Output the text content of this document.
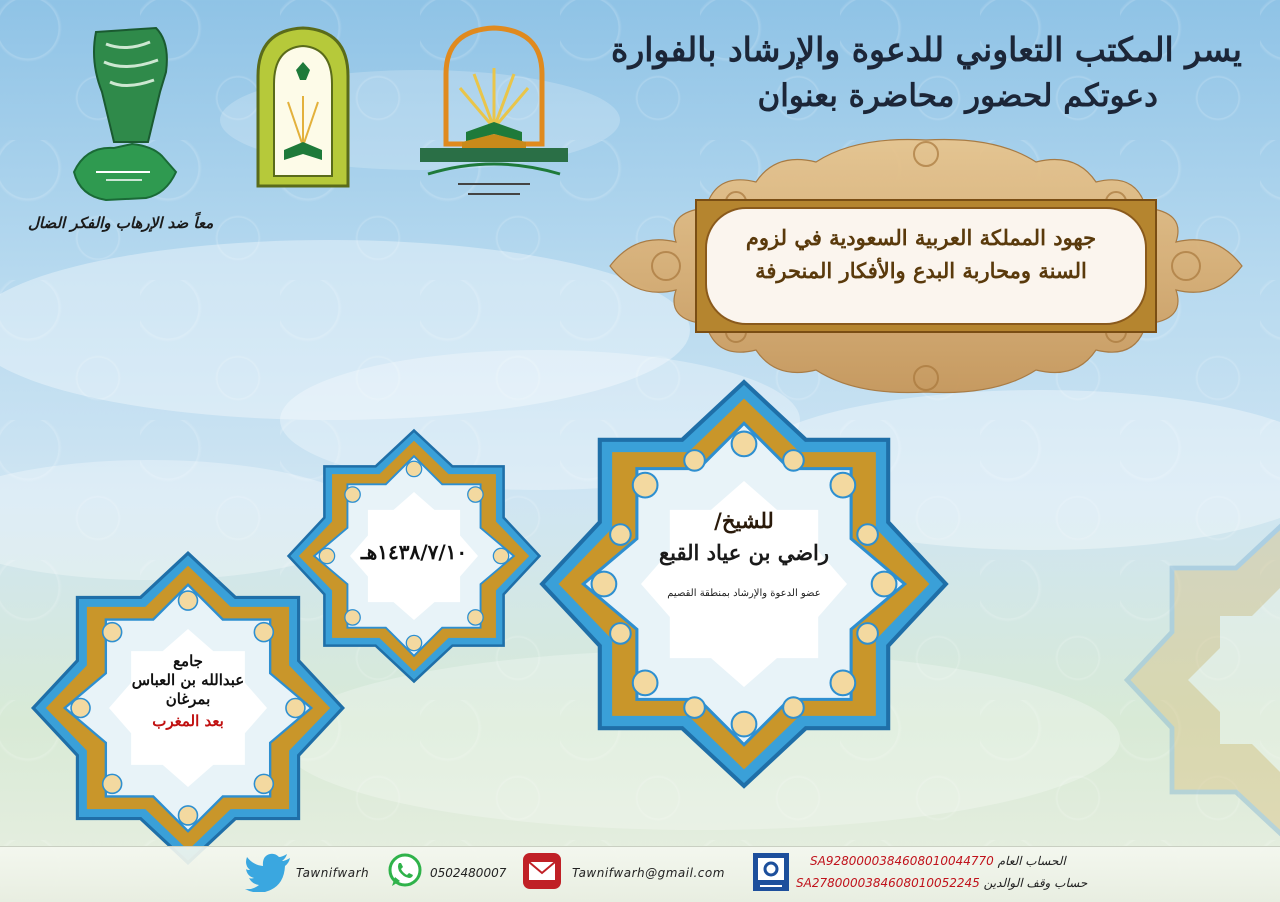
يسر المكتب التعاوني للدعوة والإرشاد بالفوارة
دعوتكم لحضور محاضرة بعنوان
معاً ضد الإرهاب والفكر الضال
جهود المملكة العربية السعودية في لزوم
السنة ومحاربة البدع والأفكار المنحرفة
للشيخ/
راضي بن عياد القبع
عضو الدعوة والإرشاد بمنطقة القصيم
١٤٣٨/٧/١٠هـ
جامع
عبدالله بن العباس
بمرغان
بعد المغرب
Tawnifwarh	0502480007	Tawnifwarh@gmail.com
SA9280000384608010044770 الحساب العام
SA2780000384608010052245 حساب وقف الوالدين
